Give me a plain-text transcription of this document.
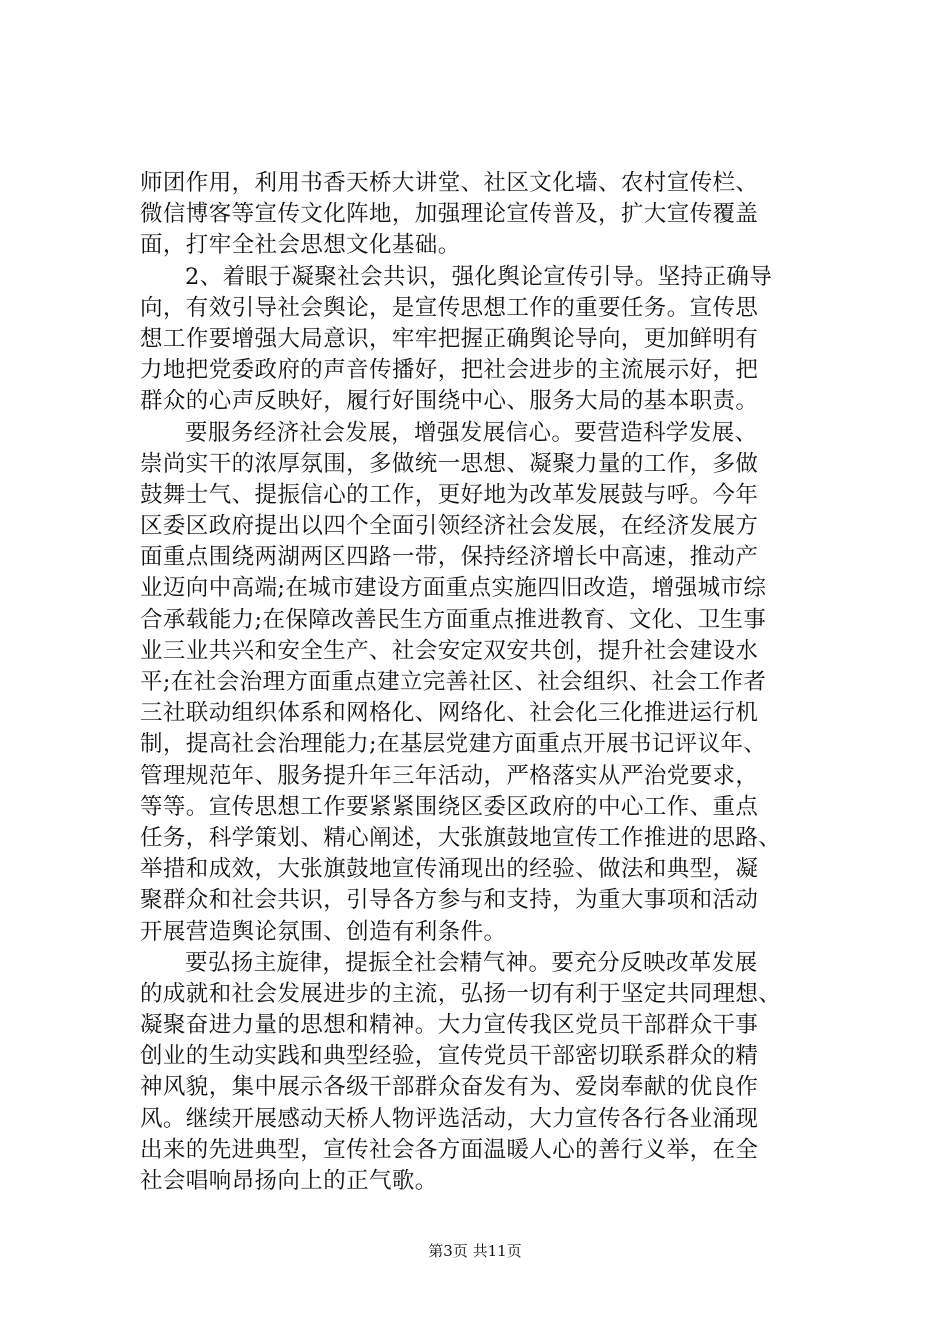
师团作用，利用书香天桥大讲堂、社区文化墙、农村宣传栏、
微信博客等宣传文化阵地，加强理论宣传普及，扩大宣传覆盖
面，打牢全社会思想文化基础。
2、着眼于凝聚社会共识，强化舆论宣传引导。坚持正确导
向，有效引导社会舆论，是宣传思想工作的重要任务。宣传思
想工作要增强大局意识，牢牢把握正确舆论导向，更加鲜明有
力地把党委政府的声音传播好，把社会进步的主流展示好，把
群众的心声反映好，履行好围绕中心、服务大局的基本职责。
要服务经济社会发展，增强发展信心。要营造科学发展、
崇尚实干的浓厚氛围，多做统一思想、凝聚力量的工作，多做
鼓舞士气、提振信心的工作，更好地为改革发展鼓与呼。今年
区委区政府提出以四个全面引领经济社会发展，在经济发展方
面重点围绕两湖两区四路一带，保持经济增长中高速，推动产
业迈向中高端;在城市建设方面重点实施四旧改造，增强城市综
合承载能力;在保障改善民生方面重点推进教育、文化、卫生事
业三业共兴和安全生产、社会安定双安共创，提升社会建设水
平;在社会治理方面重点建立完善社区、社会组织、社会工作者
三社联动组织体系和网格化、网络化、社会化三化推进运行机
制，提高社会治理能力;在基层党建方面重点开展书记评议年、
管理规范年、服务提升年三年活动，严格落实从严治党要求，
等等。宣传思想工作要紧紧围绕区委区政府的中心工作、重点
任务，科学策划、精心阐述，大张旗鼓地宣传工作推进的思路、
举措和成效，大张旗鼓地宣传涌现出的经验、做法和典型，凝
聚群众和社会共识，引导各方参与和支持，为重大事项和活动
开展营造舆论氛围、创造有利条件。
要弘扬主旋律，提振全社会精气神。要充分反映改革发展
的成就和社会发展进步的主流，弘扬一切有利于坚定共同理想、
凝聚奋进力量的思想和精神。大力宣传我区党员干部群众干事
创业的生动实践和典型经验，宣传党员干部密切联系群众的精
神风貌，集中展示各级干部群众奋发有为、爱岗奉献的优良作
风。继续开展感动天桥人物评选活动，大力宣传各行各业涌现
出来的先进典型，宣传社会各方面温暖人心的善行义举，在全
社会唱响昂扬向上的正气歌。
第3页 共11页
